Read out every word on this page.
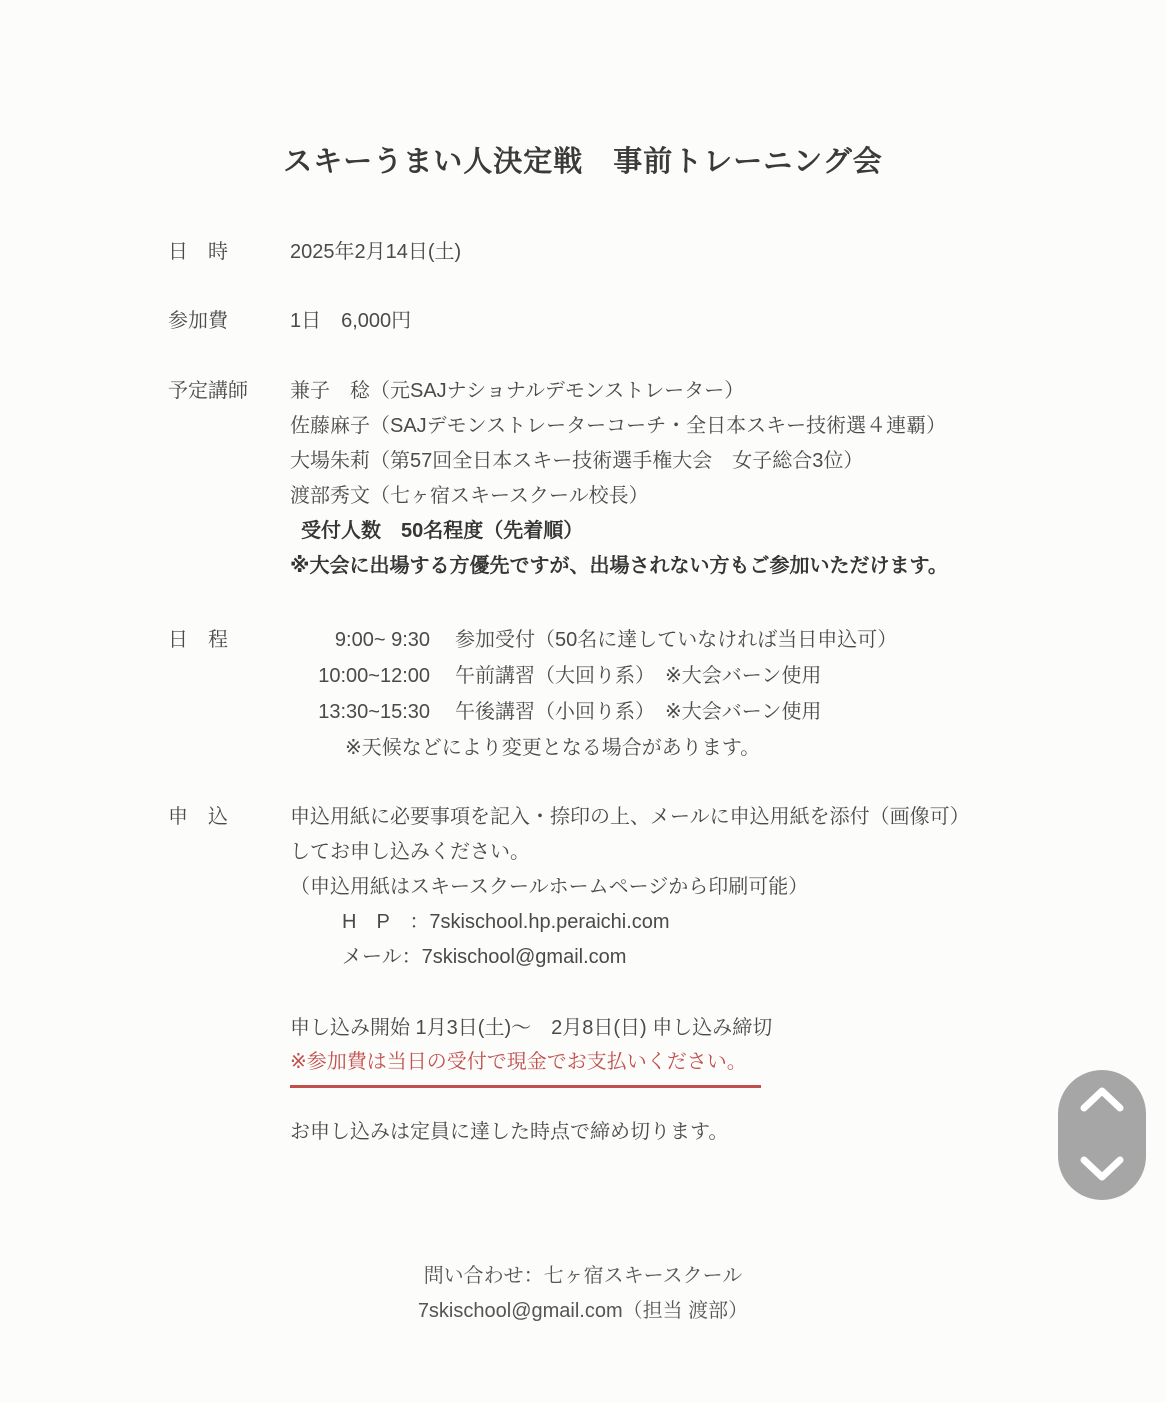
スキーうまい人決定戦　事前トレーニング会
日　時	2025年2月14日(土)
参加費	1日　6,000円
予定講師	兼子　稔（元SAJナショナルデモンストレーター）
佐藤麻子（SAJデモンストレーターコーチ・全日本スキー技術選４連覇）
大場朱莉（第57回全日本スキー技術選手権大会　女子総合3位）
渡部秀文（七ヶ宿スキースクール校長）
受付人数　50名程度（先着順）
※大会に出場する方優先ですが、出場されない方もご参加いただけます。
日　程	9:00~ 9:30 参加受付（50名に達していなければ当日申込可）
10:00~12:00 午前講習（大回り系）　※大会バーン使用
13:30~15:30 午後講習（小回り系）　※大会バーン使用
※天候などにより変更となる場合があります。
申　込	申込用紙に必要事項を記入・捺印の上、メールに申込用紙を添付（画像可）
してお申し込みください。
（申込用紙はスキースクールホームページから印刷可能）
H　P　：7skischool.hp.peraichi.com
メール：7skischool@gmail.com
申し込み開始 1月3日(土)～　2月8日(日) 申し込み締切
※参加費は当日の受付で現金でお支払いください。
お申し込みは定員に達した時点で締め切ります。
問い合わせ：七ヶ宿スキースクール
7skischool@gmail.com（担当 渡部）
